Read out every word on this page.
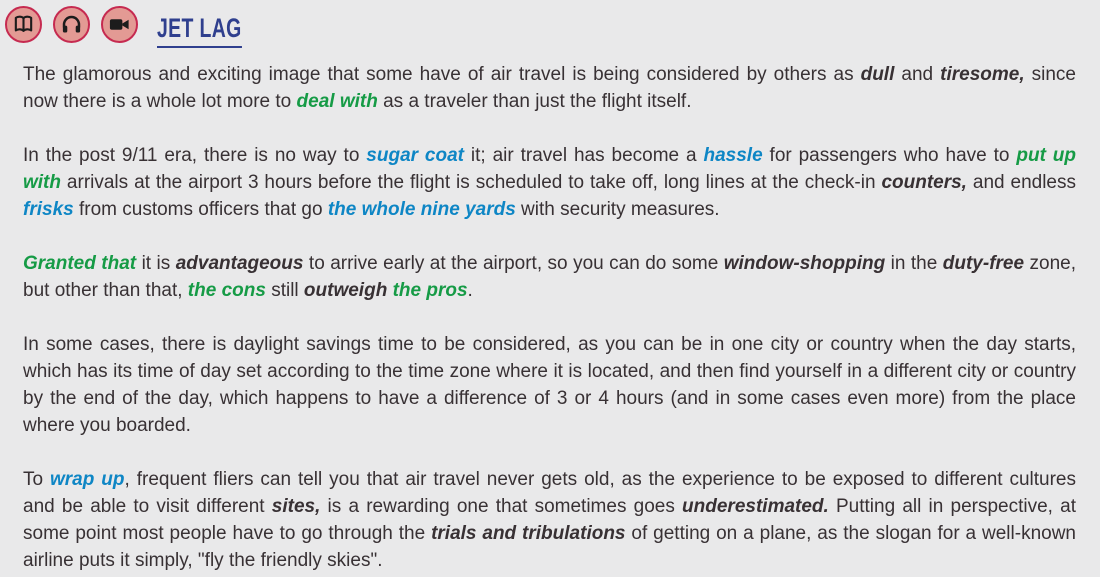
JET LAG

The glamorous and exciting image that some have of air travel is being considered by others as dull and tiresome, since now there is a whole lot more to deal with as a traveler than just the flight itself.

In the post 9/11 era, there is no way to sugar coat it; air travel has become a hassle for passengers who have to put up with arrivals at the airport 3 hours before the flight is scheduled to take off, long lines at the check-in counters, and endless frisks from customs officers that go the whole nine yards with security measures.

Granted that it is advantageous to arrive early at the airport, so you can do some window-shopping in the duty-free zone, but other than that, the cons still outweigh the pros.

In some cases, there is daylight savings time to be considered, as you can be in one city or country when the day starts, which has its time of day set according to the time zone where it is located, and then find yourself in a different city or country by the end of the day, which happens to have a difference of 3 or 4 hours (and in some cases even more) from the place where you boarded.

To wrap up, frequent fliers can tell you that air travel never gets old, as the experience to be exposed to different cultures and be able to visit different sites, is a rewarding one that sometimes goes underestimated. Putting all in perspective, at some point most people have to go through the trials and tribulations of getting on a plane, as the slogan for a well-known airline puts it simply, "fly the friendly skies".
